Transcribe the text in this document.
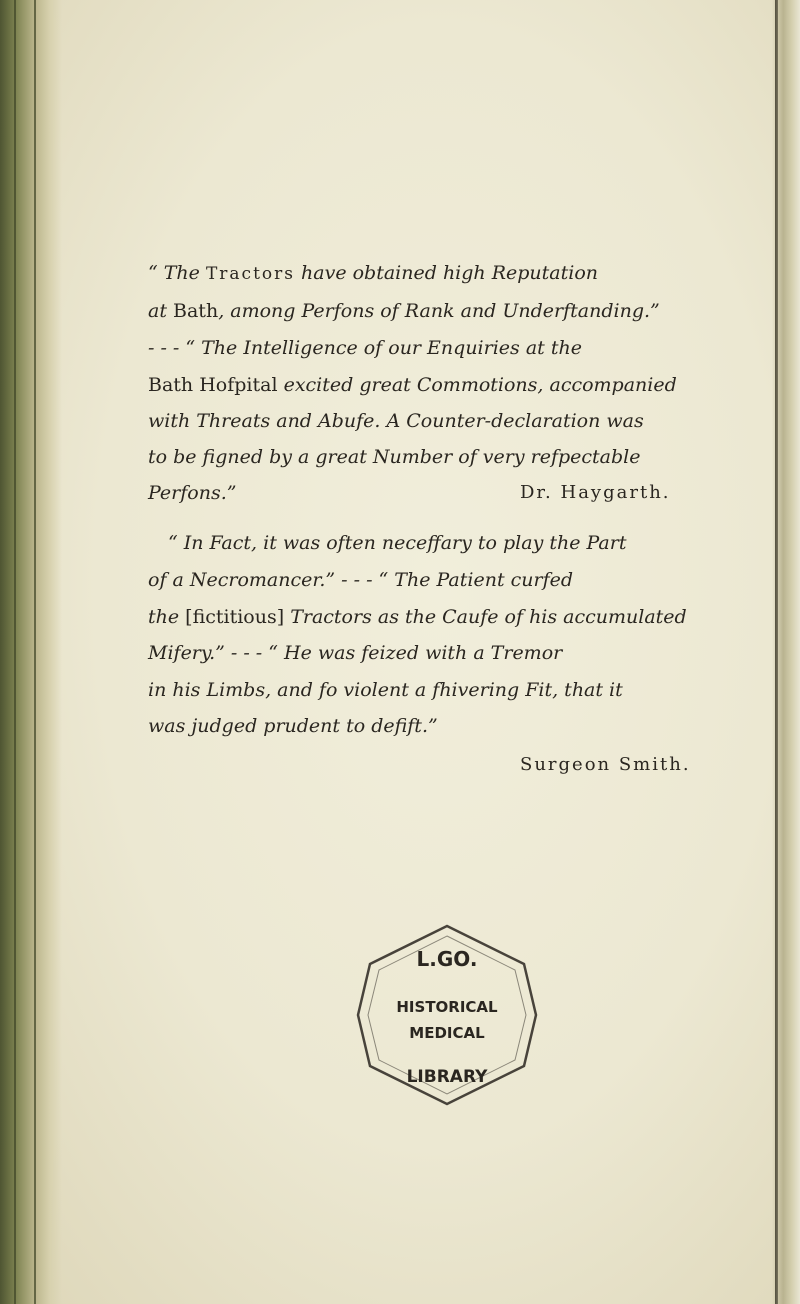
“ The Tractors have obtained high Reputation
at Bath, among Perfons of Rank and Underftanding.”
- - - “ The Intelligence of our Enquiries at the
Bath Hofpital excited great Commotions, accompanied
with Threats and Abufe. A Counter-declaration was
to be figned by a great Number of very refpectable
Perfons.”	Dr. Haygarth.
“ In Fact, it was often neceffary to play the Part
of a Necromancer.” - - - “ The Patient curfed
the [fictitious] Tractors as the Caufe of his accumulated
Mifery.” - - - “ He was feized with a Tremor
in his Limbs, and fo violent a fhivering Fit, that it
was judged prudent to defift.”
Surgeon Smith.
L.GO.
HISTORICAL
MEDICAL
LIBRARY
